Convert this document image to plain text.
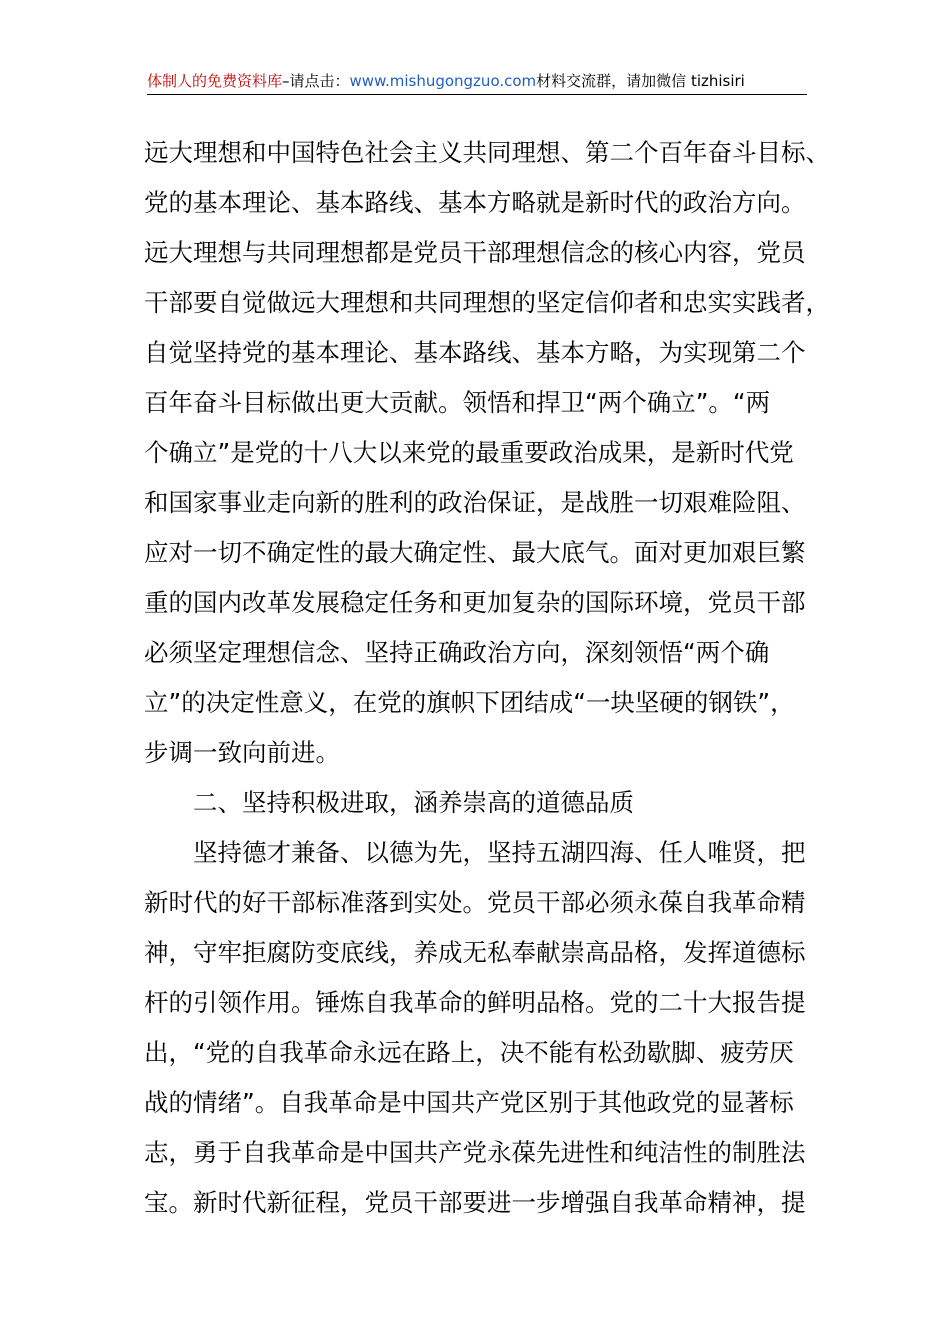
体制人的免费资料库–请点击：www.mishugongzuo.com材料交流群，请加微信 tizhisiri
远大理想和中国特色社会主义共同理想、第二个百年奋斗目标、
党的基本理论、基本路线、基本方略就是新时代的政治方向。
远大理想与共同理想都是党员干部理想信念的核心内容，党员
干部要自觉做远大理想和共同理想的坚定信仰者和忠实实践者，
自觉坚持党的基本理论、基本路线、基本方略，为实现第二个
百年奋斗目标做出更大贡献。领悟和捍卫“两个确立”。“两
个确立”是党的十八大以来党的最重要政治成果，是新时代党
和国家事业走向新的胜利的政治保证，是战胜一切艰难险阻、
应对一切不确定性的最大确定性、最大底气。面对更加艰巨繁
重的国内改革发展稳定任务和更加复杂的国际环境，党员干部
必须坚定理想信念、坚持正确政治方向，深刻领悟“两个确
立”的决定性意义，在党的旗帜下团结成“一块坚硬的钢铁”，
步调一致向前进。
二、坚持积极进取，涵养崇高的道德品质
坚持德才兼备、以德为先，坚持五湖四海、任人唯贤，把
新时代的好干部标准落到实处。党员干部必须永葆自我革命精
神，守牢拒腐防变底线，养成无私奉献崇高品格，发挥道德标
杆的引领作用。锤炼自我革命的鲜明品格。党的二十大报告提
出，“党的自我革命永远在路上，决不能有松劲歇脚、疲劳厌
战的情绪”。自我革命是中国共产党区别于其他政党的显著标
志，勇于自我革命是中国共产党永葆先进性和纯洁性的制胜法
宝。新时代新征程，党员干部要进一步增强自我革命精神，提
